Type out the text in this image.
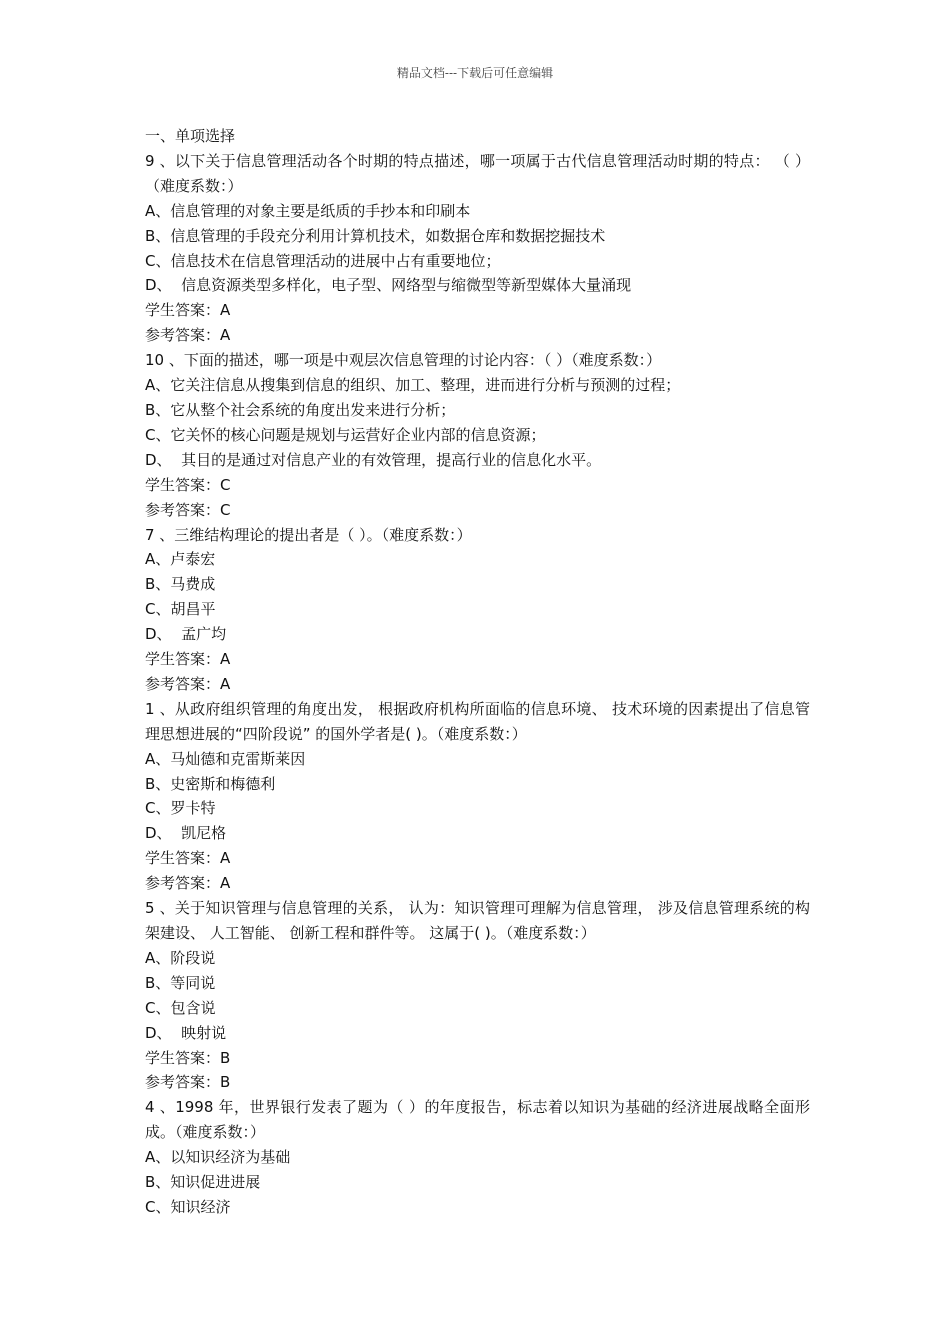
精品文档---下载后可任意编辑

一、单项选择

9 、以下关于信息管理活动各个时期的特点描述，哪一项属于古代信息管理活动时期的特点： （ ） （难度系数：）

A、信息管理的对象主要是纸质的手抄本和印刷本

B、信息管理的手段充分利用计算机技术，如数据仓库和数据挖掘技术

C、信息技术在信息管理活动的进展中占有重要地位；

D、  信息资源类型多样化，电子型、网络型与缩微型等新型媒体大量涌现

学生答案：A

参考答案：A

10 、下面的描述，哪一项是中观层次信息管理的讨论内容：（ ）（难度系数：）

A、它关注信息从搜集到信息的组织、加工、整理，进而进行分析与预测的过程；

B、它从整个社会系统的角度出发来进行分析；

C、它关怀的核心问题是规划与运营好企业内部的信息资源；

D、  其目的是通过对信息产业的有效管理，提高行业的信息化水平。

学生答案：C

参考答案：C

7 、三维结构理论的提出者是（ ）。（难度系数：）

A、卢泰宏

B、马费成

C、胡昌平

D、  孟广均

学生答案：A

参考答案：A

1 、从政府组织管理的角度出发， 根据政府机构所面临的信息环境、 技术环境的因素提出了信息管理思想进展的“四阶段说” 的国外学者是( )。（难度系数：）

A、马灿德和克雷斯莱因

B、史密斯和梅德利

C、罗卡特

D、  凯尼格

学生答案：A

参考答案：A

5 、关于知识管理与信息管理的关系， 认为：知识管理可理解为信息管理， 涉及信息管理系统的构架建设、 人工智能、 创新工程和群件等。 这属于( )。（难度系数：）

A、阶段说

B、等同说

C、包含说

D、  映射说

学生答案：B

参考答案：B

4 、1998 年，世界银行发表了题为（ ）的年度报告，标志着以知识为基础的经济进展战略全面形成。（难度系数：）

A、以知识经济为基础

B、知识促进进展

C、知识经济
